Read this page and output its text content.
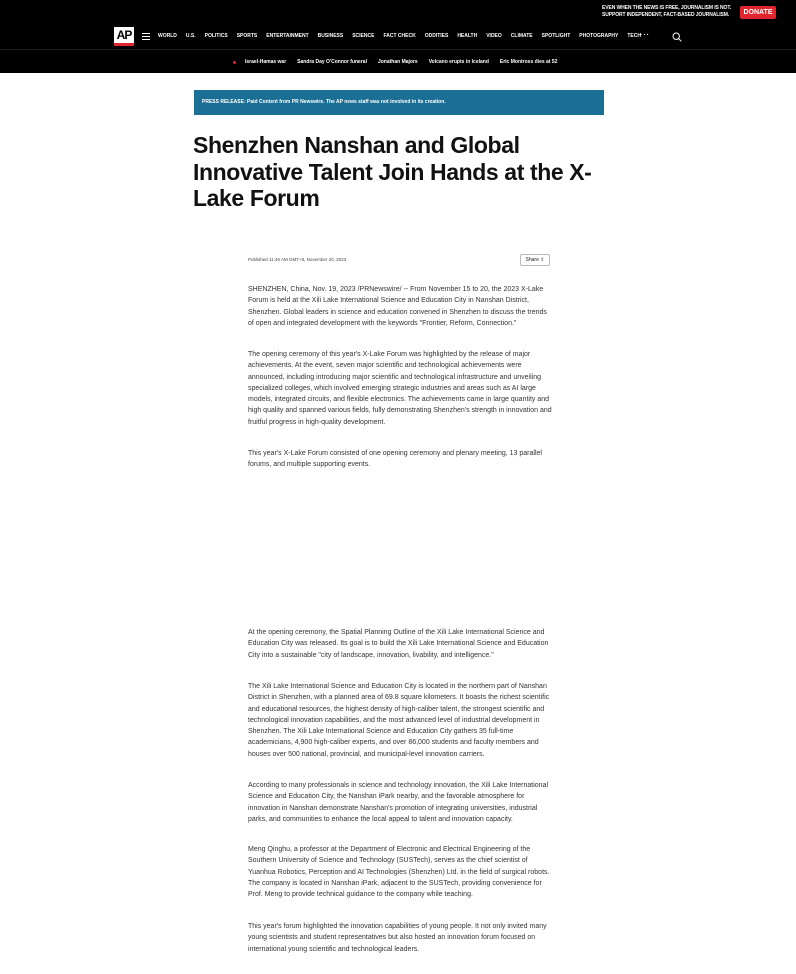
EVEN WHEN THE NEWS IS FREE, JOURNALISM IS NOT.
SUPPORT INDEPENDENT, FACT-BASED JOURNALISM.	DONATE
AP	WORLD U.S. POLITICS SPORTS ENTERTAINMENT BUSINESS SCIENCE FACT CHECK ODDITIES HEALTH VIDEO CLIMATE SPOTLIGHT PHOTOGRAPHY TECH ···
Israel-Hamas war Sandra Day O'Connor funeral Jonathan Majors Volcano erupts in Iceland Eric Montross dies at 52
PRESS RELEASE: Paid Content from PR Newswire. The AP news staff was not involved in its creation.
Shenzhen Nanshan and Global Innovative Talent Join Hands at the X-Lake Forum
Published 11:46 AM GMT+8, November 20, 2023	Share ⇪

SHENZHEN, China, Nov. 19, 2023 /PRNewswire/ -- From November 15 to 20, the 2023 X-Lake Forum is held at the Xili Lake International Science and Education City in Nanshan District, Shenzhen. Global leaders in science and education convened in Shenzhen to discuss the trends of open and integrated development with the keywords "Frontier, Reform, Connection."

The opening ceremony of this year's X-Lake Forum was highlighted by the release of major achievements. At the event, seven major scientific and technological achievements were announced, including introducing major scientific and technological infrastructure and unveiling specialized colleges, which involved emerging strategic industries and areas such as AI large models, integrated circuits, and flexible electronics. The achievements came in large quantity and high quality and spanned various fields, fully demonstrating Shenzhen's strength in innovation and fruitful progress in high-quality development.

This year's X-Lake Forum consisted of one opening ceremony and plenary meeting, 13 parallel forums, and multiple supporting events.

At the opening ceremony, the Spatial Planning Outline of the Xili Lake International Science and Education City was released. Its goal is to build the Xili Lake International Science and Education City into a sustainable "city of landscape, innovation, livability, and intelligence."

The Xili Lake International Science and Education City is located in the northern part of Nanshan District in Shenzhen, with a planned area of 69.8 square kilometers. It boasts the richest scientific and educational resources, the highest density of high-caliber talent, the strongest scientific and technological innovation capabilities, and the most advanced level of industrial development in Shenzhen. The Xili Lake International Science and Education City gathers 35 full-time academicians, 4,900 high-caliber experts, and over 86,000 students and faculty members and houses over 500 national, provincial, and municipal-level innovation carriers.

According to many professionals in science and technology innovation, the Xili Lake International Science and Education City, the Nanshan iPark nearby, and the favorable atmosphere for innovation in Nanshan demonstrate Nanshan's promotion of integrating universities, industrial parks, and communities to enhance the local appeal to talent and innovation capacity.

Meng Qinghu, a professor at the Department of Electronic and Electrical Engineering of the Southern University of Science and Technology (SUSTech), serves as the chief scientist of Yuanhua Robotics, Perception and AI Technologies (Shenzhen) Ltd. in the field of surgical robots. The company is located in Nanshan iPark, adjacent to the SUSTech, providing convenience for Prof. Meng to provide technical guidance to the company while teaching.

This year's forum highlighted the innovation capabilities of young people. It not only invited many young scientists and student representatives but also hosted an innovation forum focused on international young scientific and technological leaders.
